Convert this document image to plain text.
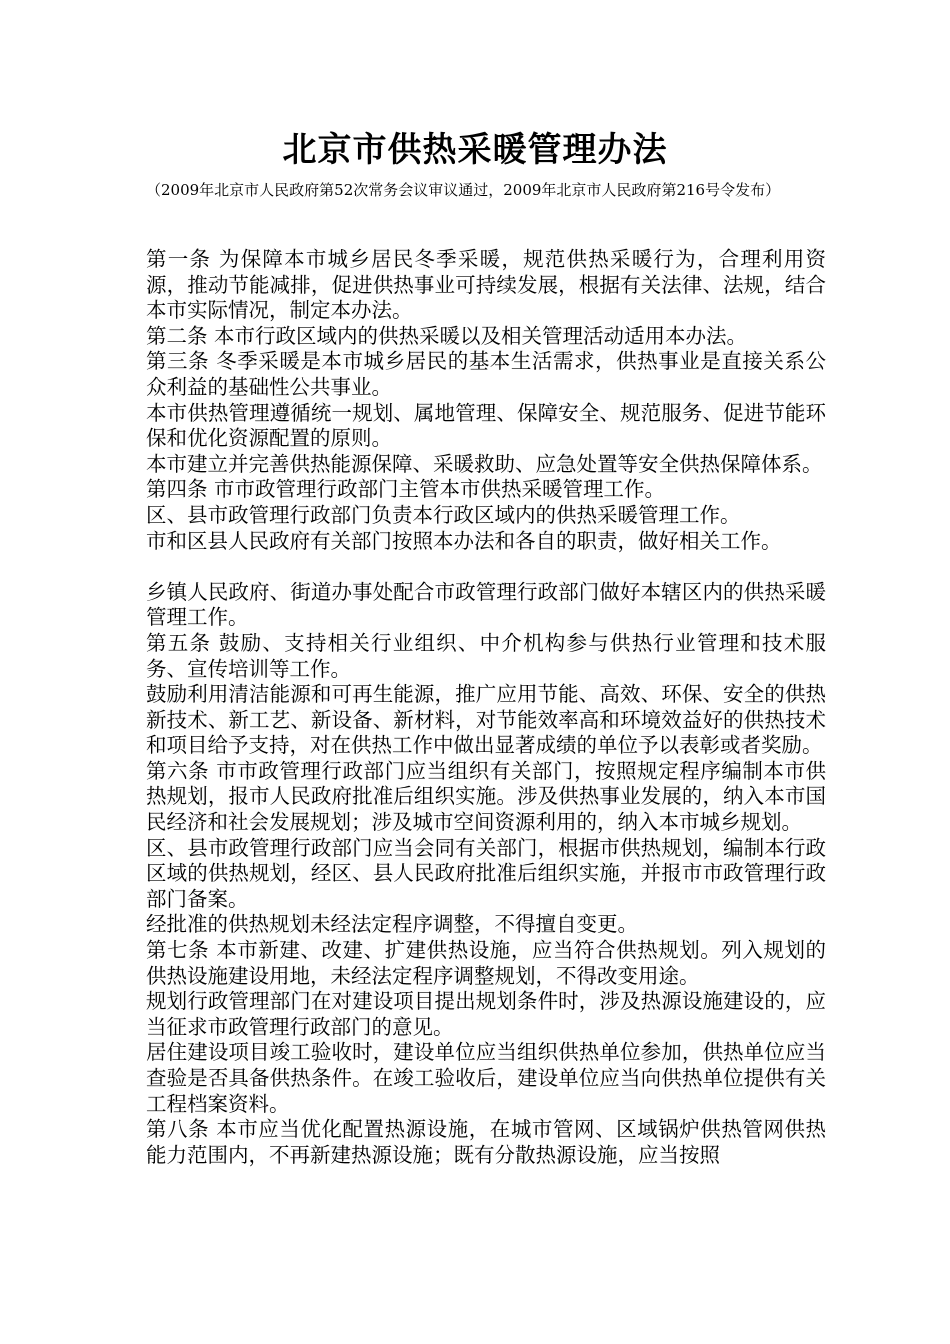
北京市供热采暖管理办法

（2009年北京市人民政府第52次常务会议审议通过，2009年北京市人民政府第216号令发布）

第一条 为保障本市城乡居民冬季采暖，规范供热采暖行为，合理利用资源，推动节能减排，促进供热事业可持续发展，根据有关法律、法规，结合本市实际情况，制定本办法。

第二条 本市行政区域内的供热采暖以及相关管理活动适用本办法。

第三条 冬季采暖是本市城乡居民的基本生活需求，供热事业是直接关系公众利益的基础性公共事业。

本市供热管理遵循统一规划、属地管理、保障安全、规范服务、促进节能环保和优化资源配置的原则。

本市建立并完善供热能源保障、采暖救助、应急处置等安全供热保障体系。

第四条 市市政管理行政部门主管本市供热采暖管理工作。

区、县市政管理行政部门负责本行政区域内的供热采暖管理工作。

市和区县人民政府有关部门按照本办法和各自的职责，做好相关工作。

乡镇人民政府、街道办事处配合市政管理行政部门做好本辖区内的供热采暖管理工作。

第五条 鼓励、支持相关行业组织、中介机构参与供热行业管理和技术服务、宣传培训等工作。

鼓励利用清洁能源和可再生能源，推广应用节能、高效、环保、安全的供热新技术、新工艺、新设备、新材料，对节能效率高和环境效益好的供热技术和项目给予支持，对在供热工作中做出显著成绩的单位予以表彰或者奖励。

第六条 市市政管理行政部门应当组织有关部门，按照规定程序编制本市供热规划，报市人民政府批准后组织实施。涉及供热事业发展的，纳入本市国民经济和社会发展规划；涉及城市空间资源利用的，纳入本市城乡规划。

区、县市政管理行政部门应当会同有关部门，根据市供热规划，编制本行政区域的供热规划，经区、县人民政府批准后组织实施，并报市市政管理行政部门备案。

经批准的供热规划未经法定程序调整，不得擅自变更。

第七条 本市新建、改建、扩建供热设施，应当符合供热规划。列入规划的供热设施建设用地，未经法定程序调整规划，不得改变用途。

规划行政管理部门在对建设项目提出规划条件时，涉及热源设施建设的，应当征求市政管理行政部门的意见。

居住建设项目竣工验收时，建设单位应当组织供热单位参加，供热单位应当查验是否具备供热条件。在竣工验收后，建设单位应当向供热单位提供有关工程档案资料。

第八条 本市应当优化配置热源设施，在城市管网、区域锅炉供热管网供热能力范围内，不再新建热源设施；既有分散热源设施，应当按照
